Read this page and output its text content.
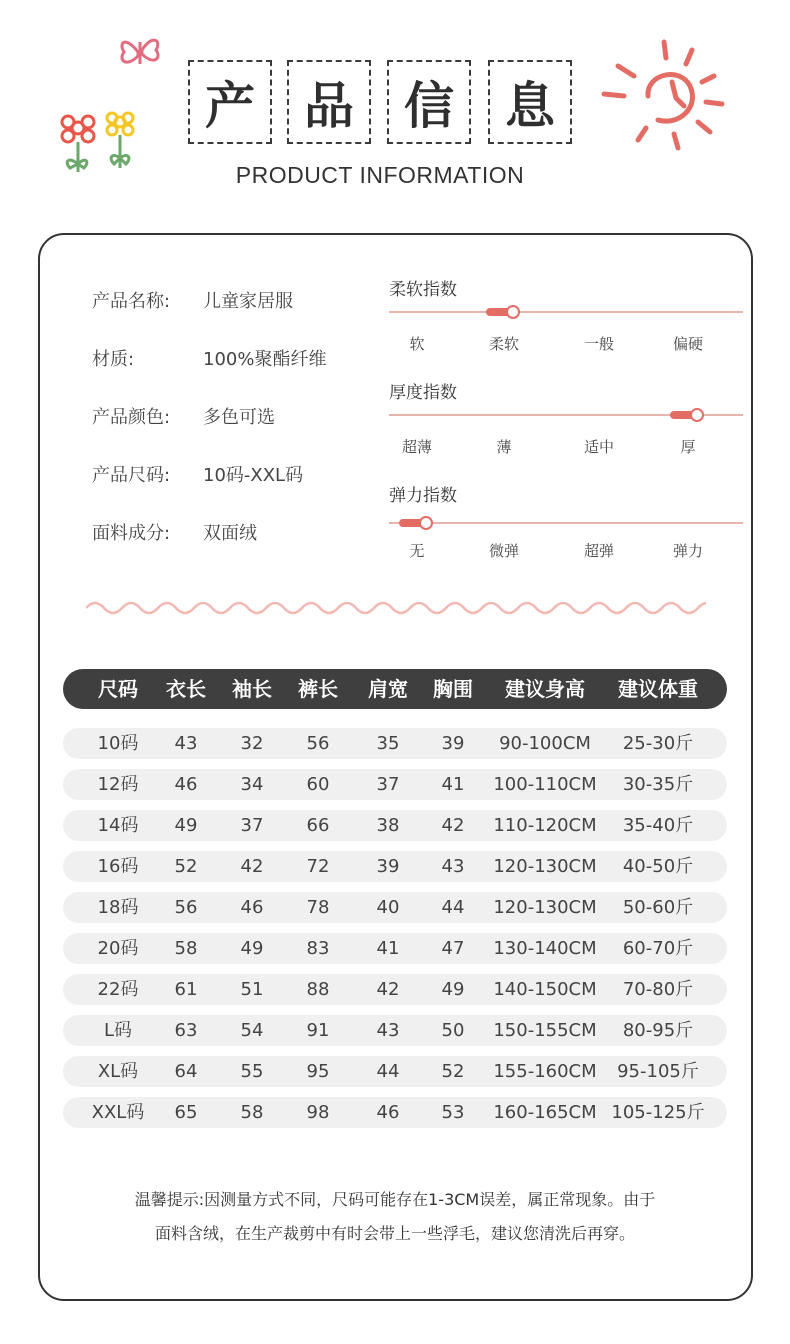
产 品	信	息
PRODUCT INFORMATION
产品名称: 儿童家居服
材质:	100%聚酯纤维
产品颜色: 多色可选
产品尺码: 10码-XXL码
面料成分: 双面绒
柔软指数
软	柔软	一般	偏硬
厚度指数
超薄	薄	适中	厚
弹力指数
无	微弹	超弹	弹力
尺码	衣长	袖长	裤长	肩宽	胸围	建议身高	建议体重
10码	43	32	56	35	39	90-100CM	25-30斤
12码	46	34	60	37	41	100-110CM	30-35斤
14码	49	37	66	38	42	110-120CM	35-40斤
16码	52	42	72	39	43	120-130CM	40-50斤
18码	56	46	78	40	44	120-130CM	50-60斤
20码	58	49	83	41	47	130-140CM	60-70斤
22码	61	51	88	42	49	140-150CM	70-80斤
L码	63	54	91	43	50	150-155CM	80-95斤
XL码	64	55	95	44	52	155-160CM	95-105斤
XXL码	65	58	98	46	53	160-165CM 105-125斤
温馨提示:因测量方式不同，尺码可能存在1-3CM误差，属正常现象。由于
面料含绒，在生产裁剪中有时会带上一些浮毛，建议您清洗后再穿。
